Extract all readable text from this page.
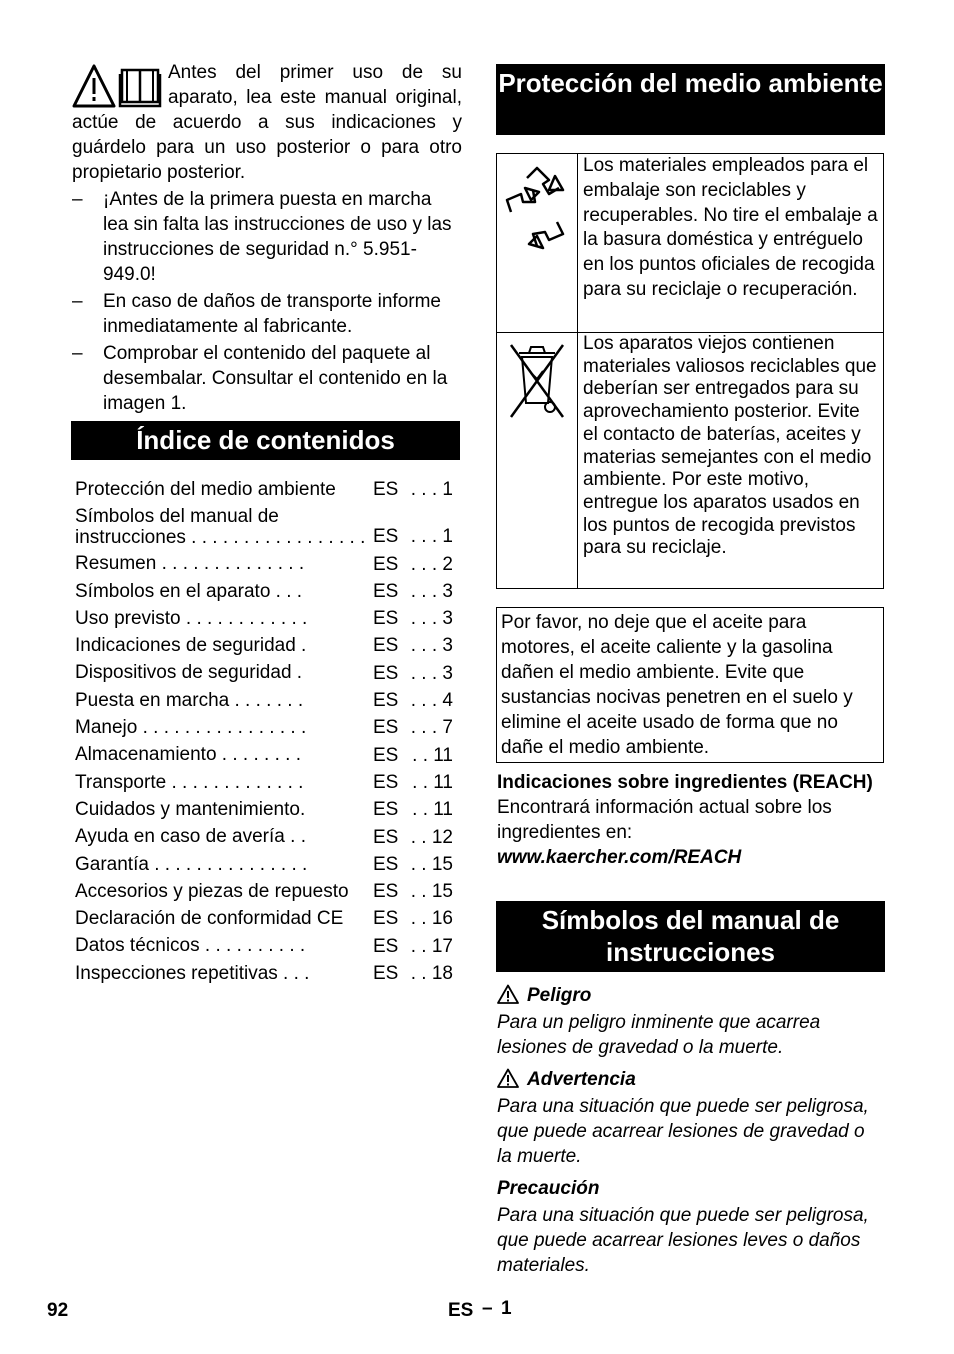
Antes del primer uso de su aparato, lea este manual original, actúe de acuerdo a sus indicaciones y guárdelo para un uso posterior o para otro propietario posterior.

– ¡Antes de la primera puesta en marcha lea sin falta las instrucciones de uso y las instrucciones de seguridad n.° 5.951-949.0!
– En caso de daños de transporte informe inmediatamente al fabricante.
– Comprobar el contenido del paquete al desembalar. Consultar el contenido en la imagen 1.
Índice de contenidos
Protección del medio ambiente	ES . . . 1
Símbolos del manual de instrucciones . . . . . . . . . . . . . . . . . ES . . . 1
Resumen . . . . . . . . . . . . . .	ES . . . 2
Símbolos en el aparato . . .	ES . . . 3
Uso previsto . . . . . . . . . . . .	ES . . . 3
Indicaciones de seguridad .	ES . . . 3
Dispositivos de seguridad .	ES . . . 3
Puesta en marcha . . . . . . .	ES . . . 4
Manejo . . . . . . . . . . . . . . . .	ES . . . 7
Almacenamiento . . . . . . . .	ES . . 11
Transporte . . . . . . . . . . . . .	ES . . 11
Cuidados y mantenimiento.	ES . . 11
Ayuda en caso de avería . .	ES . . 12
Garantía . . . . . . . . . . . . . . .	ES . . 15
Accesorios y piezas de repuesto	ES . . 15
Declaración de conformidad CE	ES . . 16
Datos técnicos . . . . . . . . . .	ES . . 17
Inspecciones repetitivas . . .	ES . . 18
Protección del medio ambiente
	Los materiales empleados para el embalaje son reciclables y recuperables. No tire el embalaje a la basura doméstica y entréguelo en los puntos oficiales de recogida para su reciclaje o recuperación.
	Los aparatos viejos contienen materiales valiosos reciclables que deberían ser entregados para su aprovechamiento posterior. Evite el contacto de baterías, aceites y materias semejantes con el medio ambiente. Por este motivo, entregue los aparatos usados en los puntos de recogida previstos para su reciclaje.
Por favor, no deje que el aceite para motores, el aceite caliente y la gasolina dañen el medio ambiente. Evite que sustancias nocivas penetren en el suelo y elimine el aceite usado de forma que no dañe el medio ambiente.

Indicaciones sobre ingredientes (REACH)

Encontrará información actual sobre los ingredientes en:

www.kaercher.com/REACH

Símbolos del manual de instrucciones
Peligro

Para un peligro inminente que acarrea lesiones de gravedad o la muerte.

Advertencia

Para una situación que puede ser peligrosa, que puede acarrear lesiones de gravedad o la muerte.

Precaución

Para una situación que puede ser peligrosa, que puede acarrear lesiones leves o daños materiales.

92	ES – 1
